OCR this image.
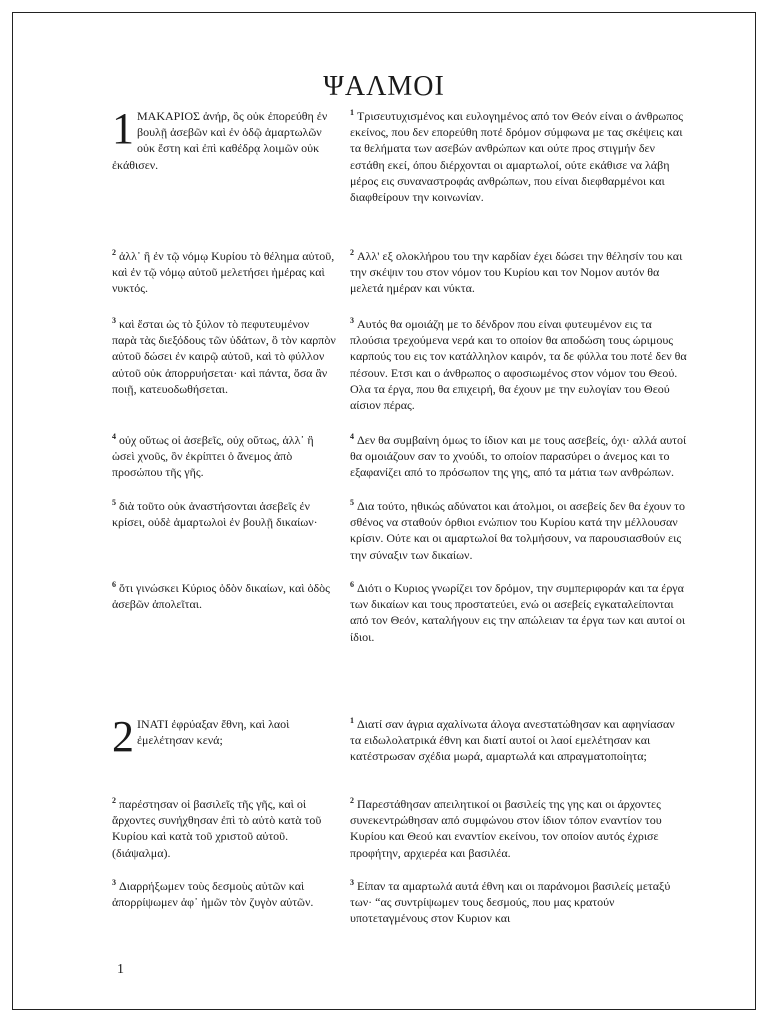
ΨΑΛΜΟΙ
1 ΜΑΚΑΡΙΟΣ ἀνήρ, ὃς οὐκ ἐπορεύθη ἐν βουλῇ ἀσεβῶν καὶ ἐν ὁδῷ ἁμαρτωλῶν οὐκ ἔστη καὶ ἐπὶ καθέδρᾳ λοιμῶν οὐκ ἐκάθισεν.
$^1$ Τρισευτυχισμένος και ευλογημένος από τον Θεόν είναι ο άνθρωπος εκείνος, που δεν επορεύθη ποτέ δρόμον σύμφωνα με τας σκέψεις και τα θελήματα των ασεβών ανθρώπων και ούτε προς στιγμήν δεν εστάθη εκεί, όπου διέρχονται οι αμαρτωλοί, ούτε εκάθισε να λάβη μέρος εις συναναστροφάς ανθρώπων, που είναι διεφθαρμένοι και διαφθείρουν την κοινωνίαν.
$^2$ ἀλλ᾿ ἢ ἐν τῷ νόμῳ Κυρίου τὸ θέλημα αὐτοῦ, καὶ ἐν τῷ νόμῳ αὐτοῦ μελετήσει ἡμέρας καὶ νυκτός.
$^2$ Αλλ' εξ ολοκλήρου του την καρδίαν έχει δώσει την θέλησίν του και την σκέψιν του στον νόμον του Κυρίου και τον Νομον αυτόν θα μελετά ημέραν και νύκτα.
$^3$ καὶ ἔσται ὡς τὸ ξύλον τὸ πεφυτευμένον παρὰ τὰς διεξόδους τῶν ὑδάτων, ὃ τὸν καρπὸν αὐτοῦ δώσει ἐν καιρῷ αὐτοῦ, καὶ τὸ φύλλον αὐτοῦ οὐκ ἀπορρυήσεται· καὶ πάντα, ὅσα ἂν ποιῇ, κατευοδωθήσεται.
$^3$ Αυτός θα ομοιάζη με το δένδρον που είναι φυτευμένον εις τα πλούσια τρεχούμενα νερά και το οποίον θα αποδώση τους ώριμους καρπούς του εις τον κατάλληλον καιρόν, τα δε φύλλα του ποτέ δεν θα πέσουν. Ετσι και ο άνθρωπος ο αφοσιωμένος στον νόμον του Θεού. Ολα τα έργα, που θα επιχειρή, θα έχουν με την ευλογίαν του Θεού αίσιον πέρας.
$^4$ οὐχ οὕτως οἱ ἀσεβεῖς, οὐχ οὕτως, ἀλλ᾿ ἢ ὡσεὶ χνοῦς, ὃν ἐκρίπτει ὁ ἄνεμος ἀπὸ προσώπου τῆς γῆς.
$^4$ Δεν θα συμβαίνη όμως το ίδιον και με τους ασεβείς, όχι· αλλά αυτοί θα ομοιάζουν σαν το χνούδι, το οποίον παρασύρει ο άνεμος και το εξαφανίζει από το πρόσωπον της γης, από τα μάτια των ανθρώπων.
$^5$ διὰ τοῦτο οὐκ ἀναστήσονται ἀσεβεῖς ἐν κρίσει, οὐδὲ ἁμαρτωλοὶ ἐν βουλῇ δικαίων·
$^5$ Δια τούτο, ηθικώς αδύνατοι και άτολμοι, οι ασεβείς δεν θα έχουν το σθένος να σταθούν όρθιοι ενώπιον του Κυρίου κατά την μέλλουσαν κρίσιν. Ούτε και οι αμαρτωλοί θα τολμήσουν, να παρουσιασθούν εις την σύναξιν των δικαίων.
$^6$ ὅτι γινώσκει Κύριος ὁδὸν δικαίων, καὶ ὁδὸς ἀσεβῶν ἀπολεῖται.
$^6$ Διότι ο Κυριος γνωρίζει τον δρόμον, την συμπεριφοράν και τα έργα των δικαίων και τους προστατεύει, ενώ οι ασεβείς εγκαταλείπονται από τον Θεόν, καταλήγουν εις την απώλειαν τα έργα των και αυτοί οι ίδιοι.
2 ΙΝΑΤΙ ἐφρύαξαν ἔθνη, καὶ λαοὶ ἐμελέτησαν κενά;
$^1$ Διατί σαν άγρια αχαλίνωτα άλογα ανεστατώθησαν και αφηνίασαν τα ειδωλολατρικά έθνη και διατί αυτοί οι λαοί εμελέτησαν και κατέστρωσαν σχέδια μωρά, αμαρτωλά και απραγματοποίητα;
$^2$ παρέστησαν οἱ βασιλεῖς τῆς γῆς, καὶ οἱ ἄρχοντες συνήχθησαν ἐπὶ τὸ αὐτὸ κατὰ τοῦ Κυρίου καὶ κατὰ τοῦ χριστοῦ αὐτοῦ. (διάψαλμα).
$^2$ Παρεστάθησαν απειλητικοί οι βασιλείς της γης και οι άρχοντες συνεκεντρώθησαν από συμφώνου στον ίδιον τόπον εναντίον του Κυρίου και Θεού και εναντίον εκείνου, τον οποίον αυτός έχρισε προφήτην, αρχιερέα και βασιλέα.
$^3$ Διαρρήξωμεν τοὺς δεσμοὺς αὐτῶν καὶ ἀπορρίψωμεν ἀφ᾿ ἡμῶν τὸν ζυγὸν αὐτῶν.
$^3$ Είπαν τα αμαρτωλά αυτά έθνη και οι παράνομοι βασιλείς μεταξύ των· “ας συντρίψωμεν τους δεσμούς, που μας κρατούν υποτεταγμένους στον Κυριον και
1
